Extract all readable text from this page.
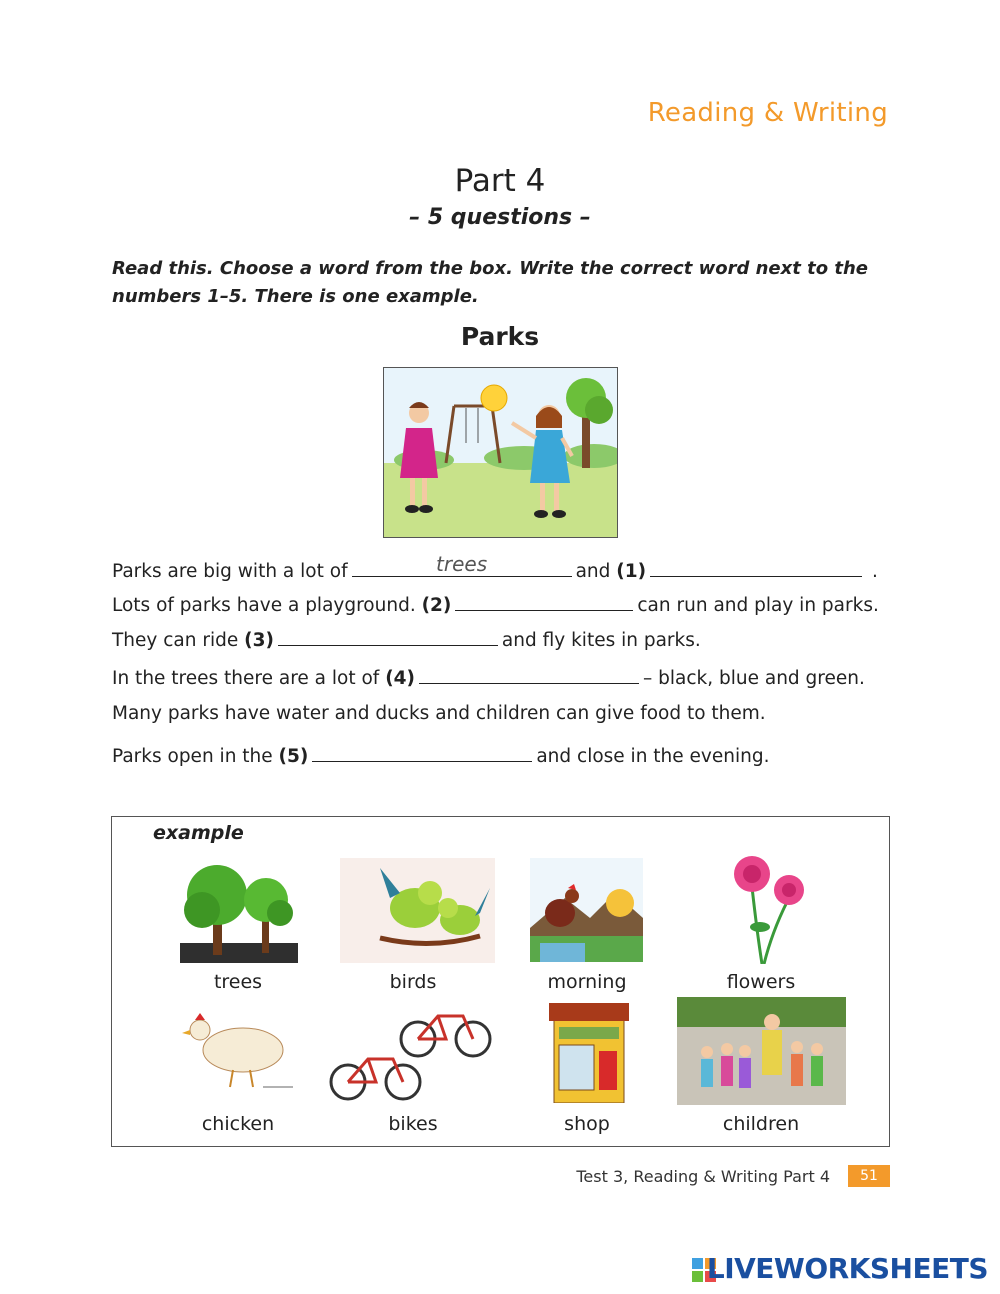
Reading & Writing
Part 4
– 5 questions –
Read this. Choose a word from the box. Write the correct word next to the numbers 1–5. There is one example.
Parks
Parks are big with a lot of	trees	and (1)	.
Lots of parks have a playground. (2)	can run and play in parks.
They can ride (3)	and fly kites in parks.
In the trees there are a lot of (4)	– black, blue and green.
Many parks have water and ducks and children can give food to them.
Parks open in the (5)	and close in the evening.
example
trees	birds	morning	flowers
chicken	bikes	shop	children
Test 3, Reading & Writing Part 4	51
LIVEWORKSHEETS
